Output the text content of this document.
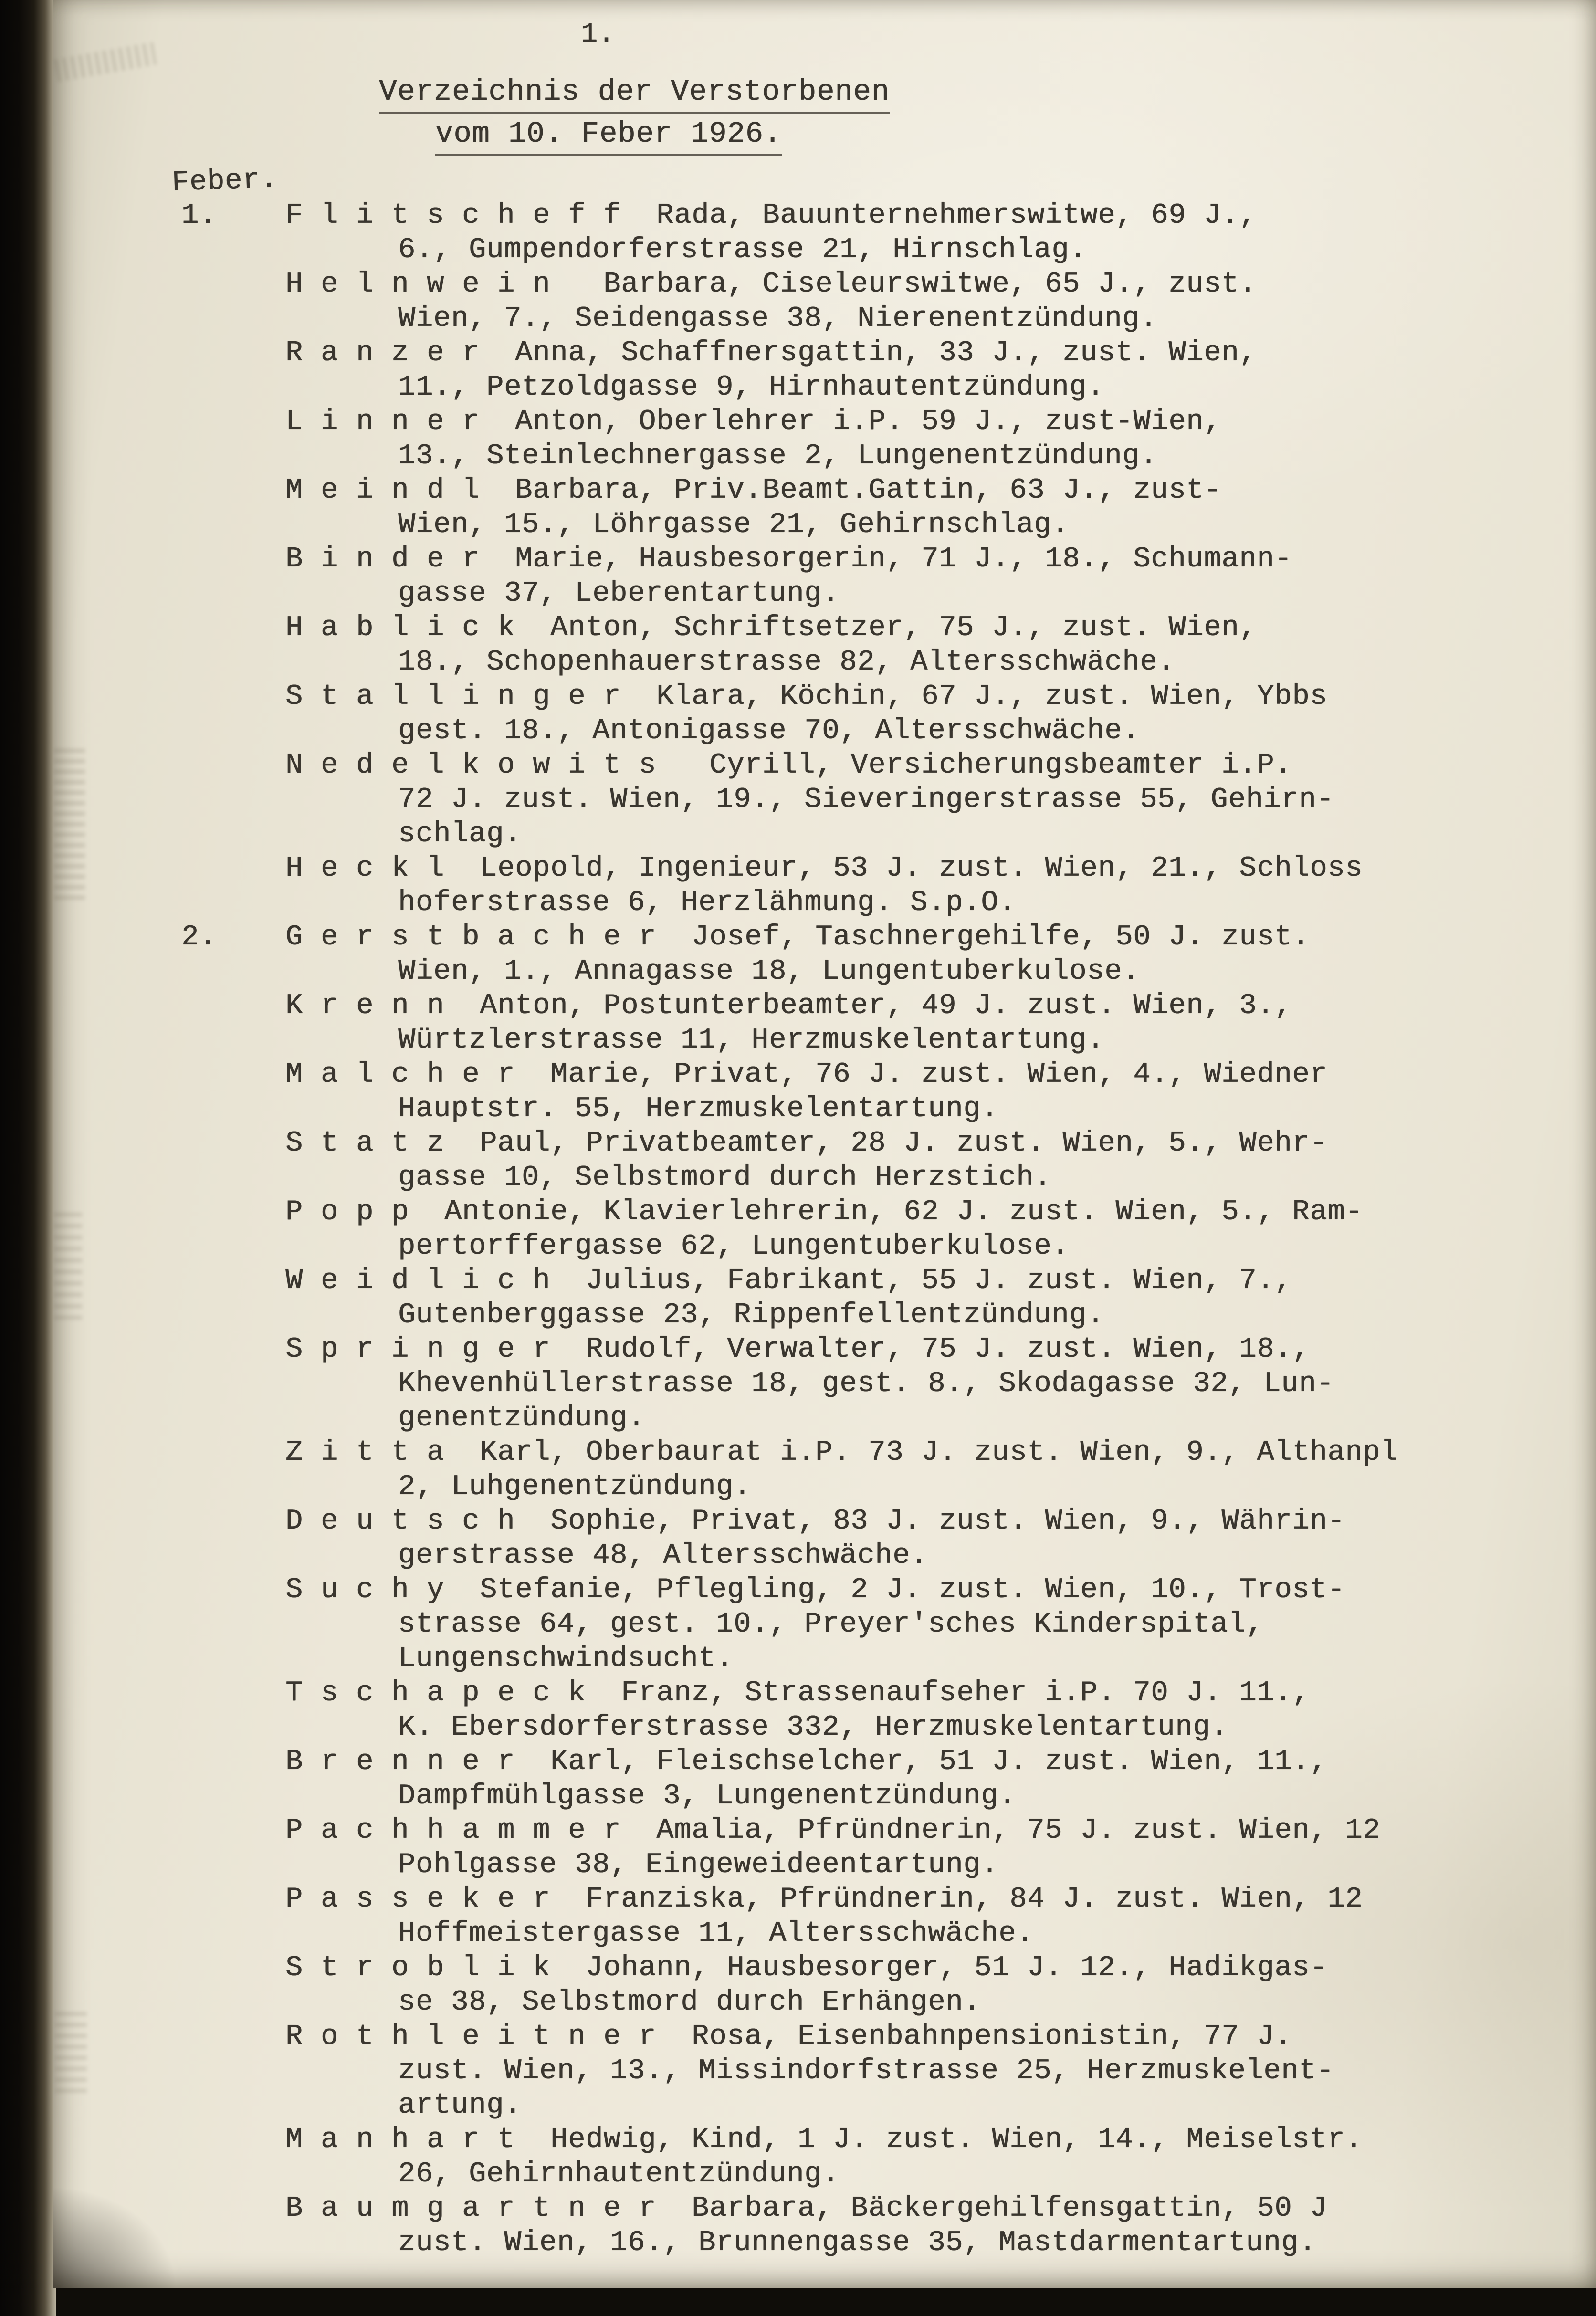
1.
Verzeichnis der Verstorbenen
vom 10. Feber 1926.
Feber.
1. F l i t s c h e f f  Rada, Bauunternehmerswitwe, 69 J.,
6., Gumpendorferstrasse 21, Hirnschlag.
H e l n w e i n   Barbara, Ciseleurswitwe, 65 J., zust.
Wien, 7., Seidengasse 38, Nierenentzündung.
R a n z e r  Anna, Schaffnersgattin, 33 J., zust. Wien,
11., Petzoldgasse 9, Hirnhautentzündung.
L i n n e r  Anton, Oberlehrer i.P. 59 J., zust-Wien,
13., Steinlechnergasse 2, Lungenentzündung.
M e i n d l  Barbara, Priv.Beamt.Gattin, 63 J., zust-
Wien, 15., Löhrgasse 21, Gehirnschlag.
B i n d e r  Marie, Hausbesorgerin, 71 J., 18., Schumann-
gasse 37, Leberentartung.
H a b l i c k  Anton, Schriftsetzer, 75 J., zust. Wien,
18., Schopenhauerstrasse 82, Altersschwäche.
S t a l l i n g e r  Klara, Köchin, 67 J., zust. Wien, Ybbs
gest. 18., Antonigasse 70, Altersschwäche.
N e d e l k o w i t s   Cyrill, Versicherungsbeamter i.P.
72 J. zust. Wien, 19., Sieveringerstrasse 55, Gehirn-
schlag.
H e c k l  Leopold, Ingenieur, 53 J. zust. Wien, 21., Schloss
hoferstrasse 6, Herzlähmung. S.p.O.
2. G e r s t b a c h e r  Josef, Taschnergehilfe, 50 J. zust.
Wien, 1., Annagasse 18, Lungentuberkulose.
K r e n n  Anton, Postunterbeamter, 49 J. zust. Wien, 3.,
Würtzlerstrasse 11, Herzmuskelentartung.
M a l c h e r  Marie, Privat, 76 J. zust. Wien, 4., Wiedner
Hauptstr. 55, Herzmuskelentartung.
S t a t z  Paul, Privatbeamter, 28 J. zust. Wien, 5., Wehr-
gasse 10, Selbstmord durch Herzstich.
P o p p  Antonie, Klavierlehrerin, 62 J. zust. Wien, 5., Ram-
pertorffergasse 62, Lungentuberkulose.
W e i d l i c h  Julius, Fabrikant, 55 J. zust. Wien, 7.,
Gutenberggasse 23, Rippenfellentzündung.
S p r i n g e r  Rudolf, Verwalter, 75 J. zust. Wien, 18.,
Khevenhüllerstrasse 18, gest. 8., Skodagasse 32, Lun-
genentzündung.
Z i t t a  Karl, Oberbaurat i.P. 73 J. zust. Wien, 9., Althanpl
2, Luhgenentzündung.
D e u t s c h  Sophie, Privat, 83 J. zust. Wien, 9., Währin-
gerstrasse 48, Altersschwäche.
S u c h y  Stefanie, Pflegling, 2 J. zust. Wien, 10., Trost-
strasse 64, gest. 10., Preyer'sches Kinderspital,
Lungenschwindsucht.
T s c h a p e c k  Franz, Strassenaufseher i.P. 70 J. 11.,
K. Ebersdorferstrasse 332, Herzmuskelentartung.
B r e n n e r  Karl, Fleischselcher, 51 J. zust. Wien, 11.,
Dampfmühlgasse 3, Lungenentzündung.
P a c h h a m m e r  Amalia, Pfründnerin, 75 J. zust. Wien, 12
Pohlgasse 38, Eingeweideentartung.
P a s s e k e r  Franziska, Pfründnerin, 84 J. zust. Wien, 12
Hoffmeistergasse 11, Altersschwäche.
S t r o b l i k  Johann, Hausbesorger, 51 J. 12., Hadikgas-
se 38, Selbstmord durch Erhängen.
R o t h l e i t n e r  Rosa, Eisenbahnpensionistin, 77 J.
zust. Wien, 13., Missindorfstrasse 25, Herzmuskelent-
artung.
M a n h a r t  Hedwig, Kind, 1 J. zust. Wien, 14., Meiselstr.
26, Gehirnhautentzündung.
B a u m g a r t n e r  Barbara, Bäckergehilfensgattin, 50 J
zust. Wien, 16., Brunnengasse 35, Mastdarmentartung.
